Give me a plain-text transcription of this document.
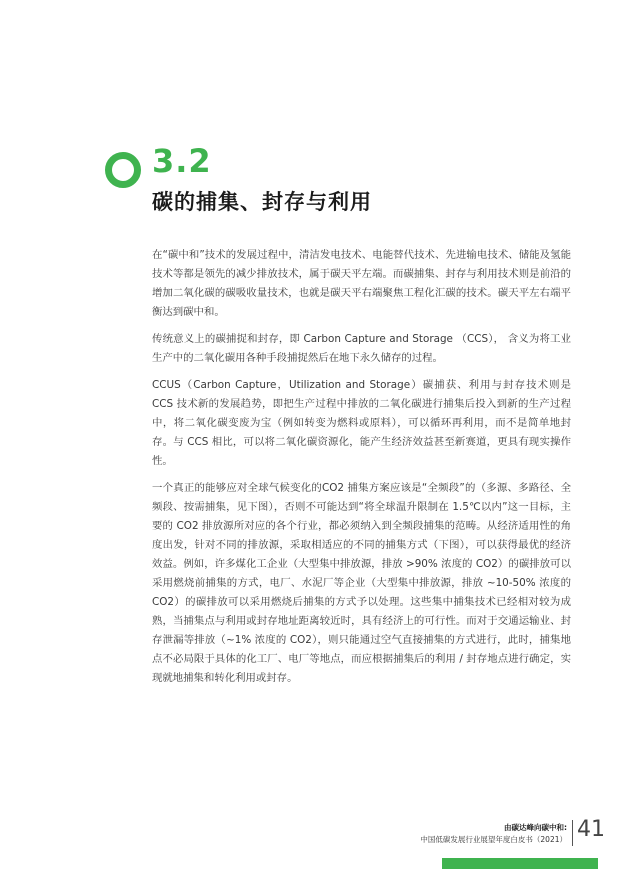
3.2
碳的捕集、封存与利用

在“碳中和”技术的发展过程中，清洁发电技术、电能替代技术、先进输电技术、储能及氢能技术等都是领先的减少排放技术，属于碳天平左端。而碳捕集、封存与利用技术则是前沿的增加二氧化碳的碳吸收量技术，也就是碳天平右端聚焦工程化汇碳的技术。碳天平左右端平衡达到碳中和。

传统意义上的碳捕捉和封存，即 Carbon Capture and Storage （CCS）， 含义为将工业生产中的二氧化碳用各种手段捕捉然后在地下永久储存的过程。

CCUS（Carbon Capture，Utilization and Storage）碳捕获、利用与封存技术则是 CCS 技术新的发展趋势，即把生产过程中排放的二氧化碳进行捕集后投入到新的生产过程中，将二氧化碳变废为宝（例如转变为燃料或原料），可以循环再利用，而不是简单地封存。与 CCS 相比，可以将二氧化碳资源化，能产生经济效益甚至新赛道，更具有现实操作性。

一个真正的能够应对全球气候变化的CO2 捕集方案应该是“全频段”的（多源、多路径、全频段、按需捕集，见下图），否则不可能达到“将全球温升限制在 1.5℃以内”这一目标，主要的 CO2 排放源所对应的各个行业，都必须纳入到全频段捕集的范畴。从经济适用性的角度出发，针对不同的排放源，采取相适应的不同的捕集方式（下图），可以获得最优的经济效益。例如，许多煤化工企业（大型集中排放源，排放 >90% 浓度的 CO2）的碳排放可以采用燃烧前捕集的方式，电厂、水泥厂等企业（大型集中排放源，排放 ~10-50% 浓度的 CO2）的碳排放可以采用燃烧后捕集的方式予以处理。这些集中捕集技术已经相对较为成熟，当捕集点与利用或封存地址距离较近时，具有经济上的可行性。而对于交通运输业、封存泄漏等排放（~1% 浓度的 CO2），则只能通过空气直接捕集的方式进行，此时，捕集地点不必局限于具体的化工厂、电厂等地点，而应根据捕集后的利用 / 封存地点进行确定，实现就地捕集和转化利用或封存。

由碳达峰向碳中和:
中国低碳发展行业展望年度白皮书（2021） 41
